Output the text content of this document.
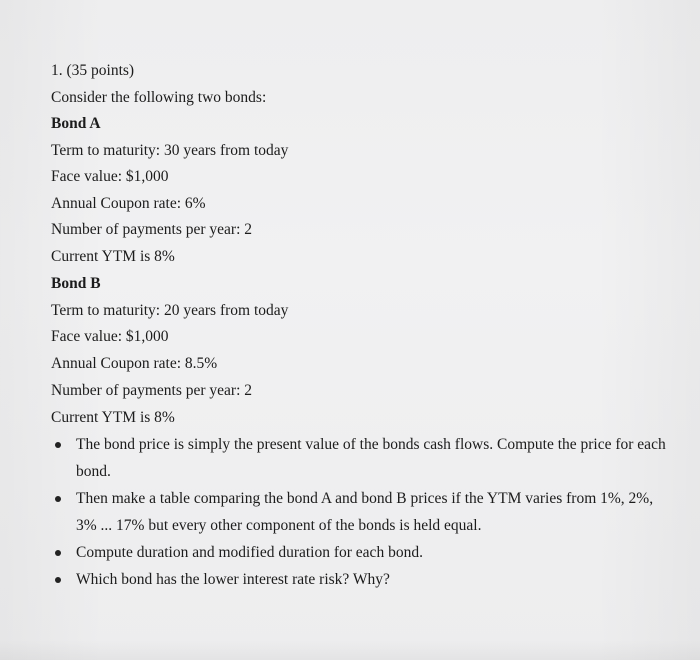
1. (35 points)

Consider the following two bonds:

Bond A

Term to maturity: 30 years from today

Face value: $1,000

Annual Coupon rate: 6%

Number of payments per year: 2

Current YTM is 8%

Bond B

Term to maturity: 20 years from today

Face value: $1,000

Annual Coupon rate: 8.5%

Number of payments per year: 2

Current YTM is 8%

The bond price is simply the present value of the bonds cash flows. Compute the price for each bond.
Then make a table comparing the bond A and bond B prices if the YTM varies from 1%, 2%, 3% ... 17% but every other component of the bonds is held equal.
Compute duration and modified duration for each bond.
Which bond has the lower interest rate risk? Why?
